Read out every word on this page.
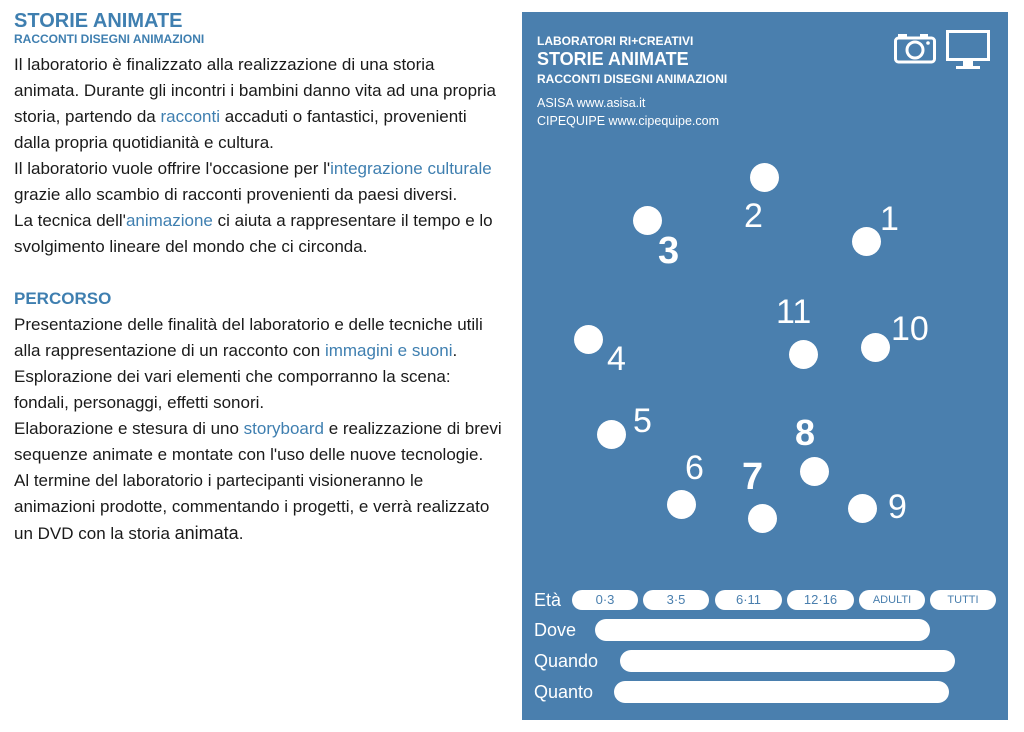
STORIE ANIMATE
RACCONTI DISEGNI ANIMAZIONI
Il laboratorio è finalizzato alla realizzazione di una storia animata. Durante gli incontri i bambini danno vita ad una propria storia, partendo da racconti accaduti o fantastici, provenienti dalla propria quotidianità e cultura.
Il laboratorio vuole offrire l'occasione per l'integrazione culturale grazie allo scambio di racconti provenienti da paesi diversi.
La tecnica dell'animazione ci aiuta a rappresentare il tempo e lo svolgimento lineare del mondo che ci circonda.
PERCORSO
Presentazione delle finalità del laboratorio e delle tecniche utili alla rappresentazione di un racconto con immagini e suoni.
Esplorazione dei vari elementi che comporranno la scena: fondali, personaggi, effetti sonori.
Elaborazione e stesura di uno storyboard e realizzazione di brevi sequenze animate e montate con l'uso delle nuove tecnologie.
Al termine del laboratorio i partecipanti visioneranno le animazioni prodotte, commentando i progetti, e verrà realizzato un DVD con la storia animata.
LABORATORI RI+CREATIVI
STORIE ANIMATE
RACCONTI DISEGNI ANIMAZIONI
ASISA www.asisa.it
CIPEQUIPE www.cipequipe.com
1
2
3
4
5
6 7
8
9
10
11
Età	0·3	3·5	6·11	12·16	ADULTI	TUTTI
Dove
Quando
Quanto
